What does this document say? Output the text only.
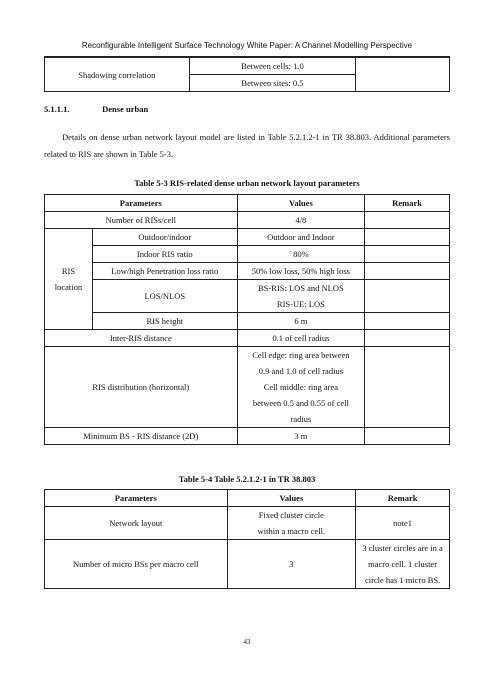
Reconfigurable Intelligent Surface Technology White Paper: A Channel Modelling Perspective
Shadowing correlation	Between cells: 1.0	
Between sites: 0.5
5.1.1.1.	Dense urban
Details on dense urban network layout model are listed in Table 5.2.1.2-1 in TR 38.803. Additional parameters related to RIS are shown in Table 5-3.
Table 5-3 RIS-related dense urban network layout parameters
Parameters		Values	Remark
Number of RISs/cell		4/8	
RIS
location	Outdoor/indoor	Outdoor and Indoor	
	Indoor RIS ratio	80%	
	Low/high Penetration loss ratio	50% low loss, 50% high loss	
	LOS/NLOS	BS-RIS: LOS and NLOS
RIS-UE: LOS	

	RIS height	6 m	
Inter-RIS distance		0.1 of cell radius	
RIS distribution (horizontal)		Cell edge: ring area between
0.9 and 1.0 of cell radius
Cell middle: ring area
between 0.5 and 0.55 of cell
radius	
Minimum BS - RIS distance (2D)		3 m	
Table 5-4 Table 5.2.1.2-1 in TR 38.803
Parameters	Values	Remark
Network layout	Fixed cluster circle
within a macro cell.	note1
Number of micro BSs per macro cell	3	3 cluster circles are in a
macro cell. 1 cluster
circle has 1 micro BS.
43
